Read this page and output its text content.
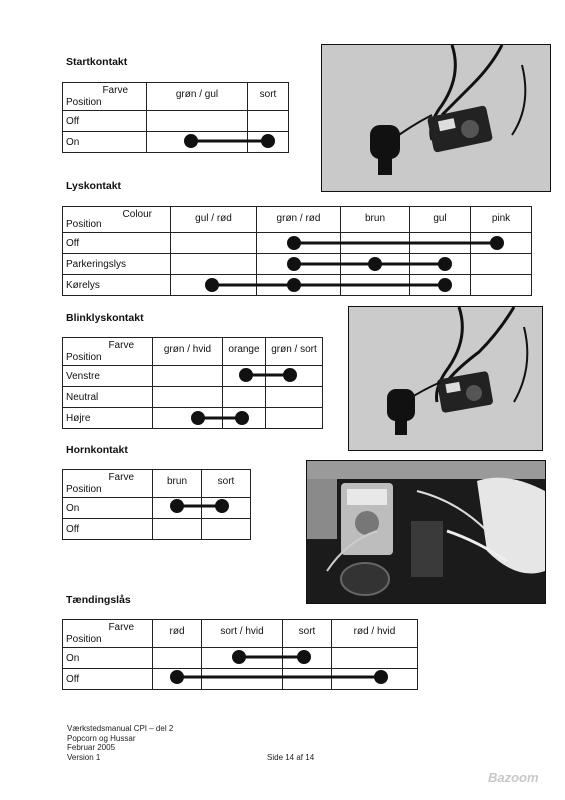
Startkontakt
Farve
Position	grøn / gul	sort
Off		
On		
Lyskontakt
Colour
Position	gul / rød	grøn / rød	brun	gul	pink
Off					
Parkeringslys					
Kørelys					
Blinklyskontakt
Farve
Position	grøn / hvid	orange	grøn / sort
Venstre			
Neutral			
Højre			
Hornkontakt
Farve
Position	brun	sort
On		
Off		
Tændingslås
Farve
Position	rød	sort / hvid	sort	rød / hvid
On				
Off				
Værkstedsmanual CPI – del 2
Popcorn og Hussar
Februar 2005
Version 1	Side 14 af 14
Bazoom
